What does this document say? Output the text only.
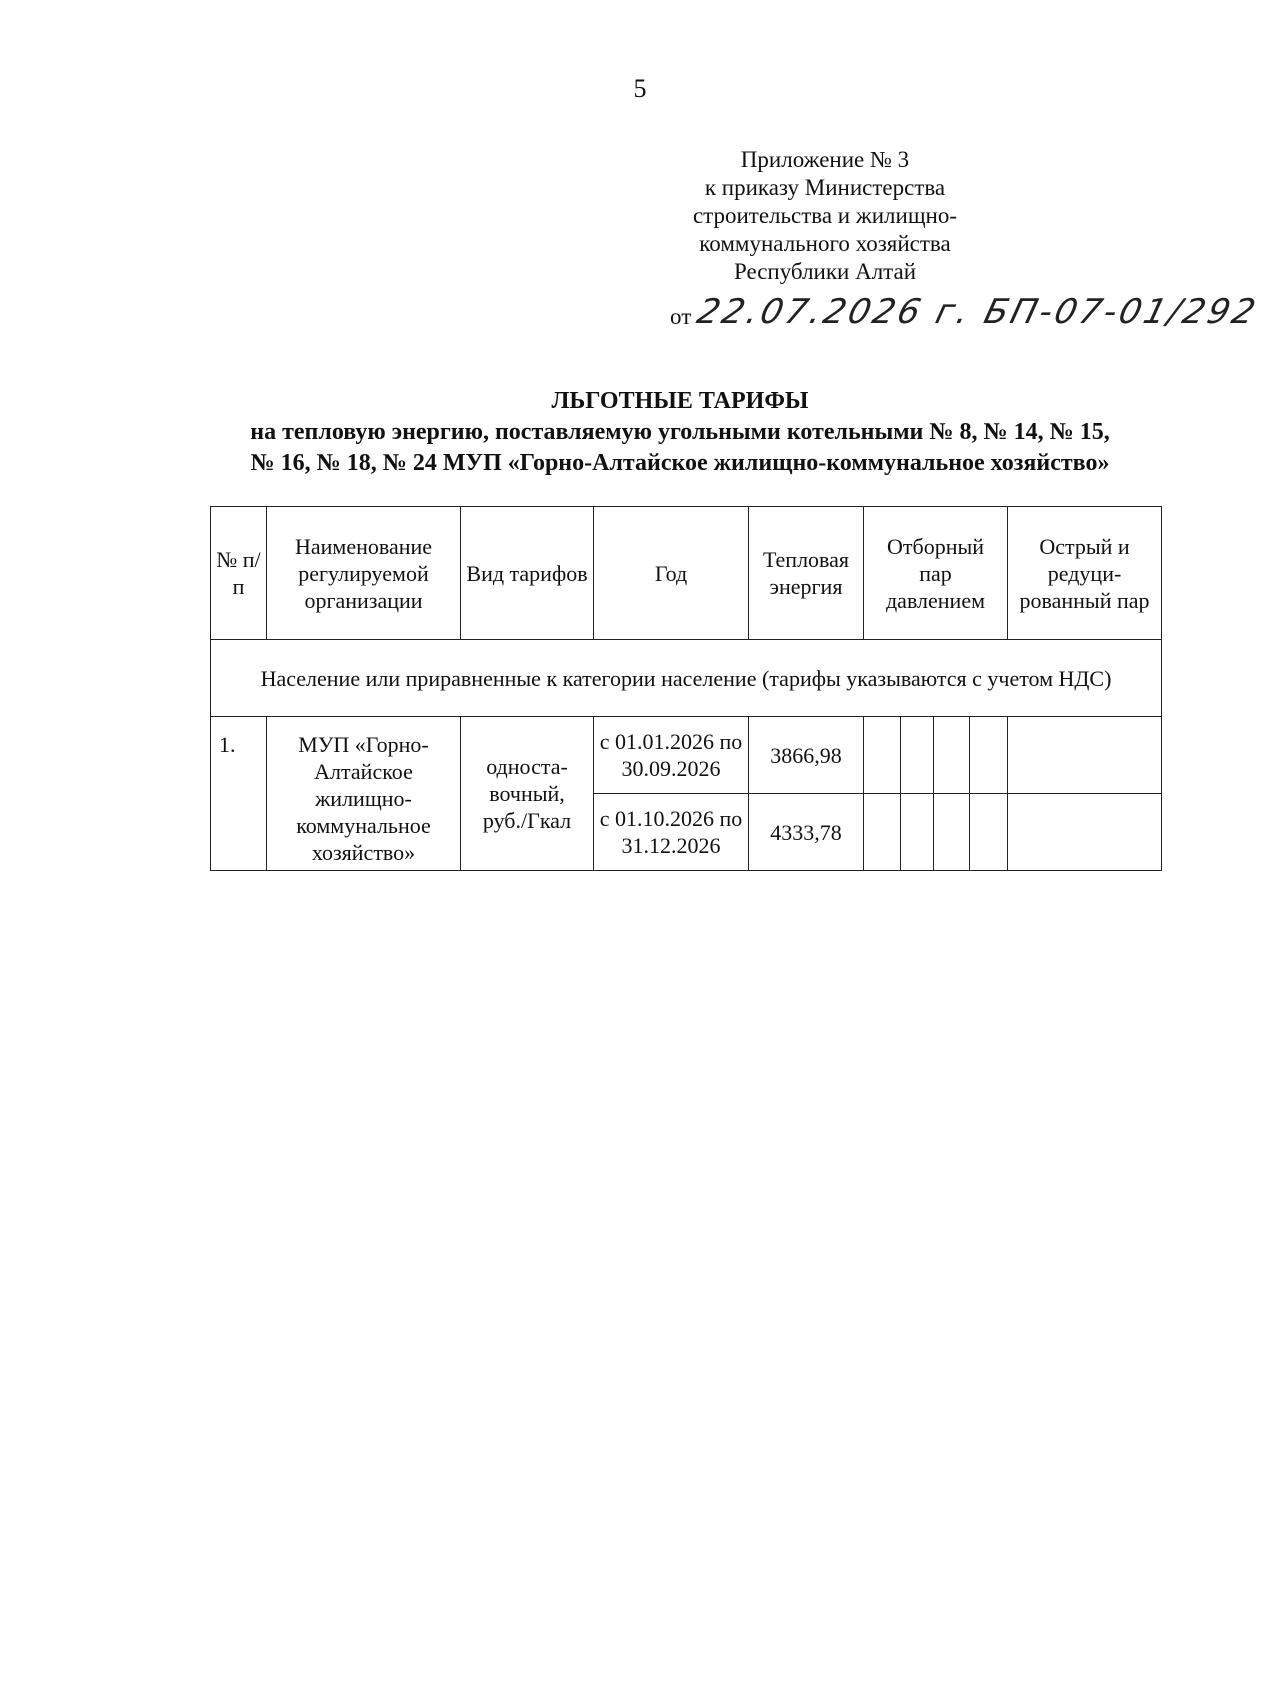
5
Приложение № 3
к приказу Министерства
строительства и жилищно-
коммунального хозяйства
Республики Алтай
от 22.07.2026 г. БП-07-01/292
ЛЬГОТНЫЕ ТАРИФЫ
на тепловую энергию, поставляемую угольными котельными № 8, № 14, № 15,
№ 16, № 18, № 24 МУП «Горно-Алтайское жилищно-коммунальное хозяйство»
№ п/п	Наименование регулируемой организации	Вид тарифов	Год	Тепловая энергия	Отборный пар давлением				Острый и редуци-рованный пар
Население или приравненные к категории население (тарифы указываются с учетом НДС)									
1.	МУП «Горно-Алтайское жилищно-коммунальное хозяйство»	односта-вочный, руб./Гкал	с 01.01.2026 по 30.09.2026	3866,98					
			с 01.10.2026 по 31.12.2026	4333,78					
